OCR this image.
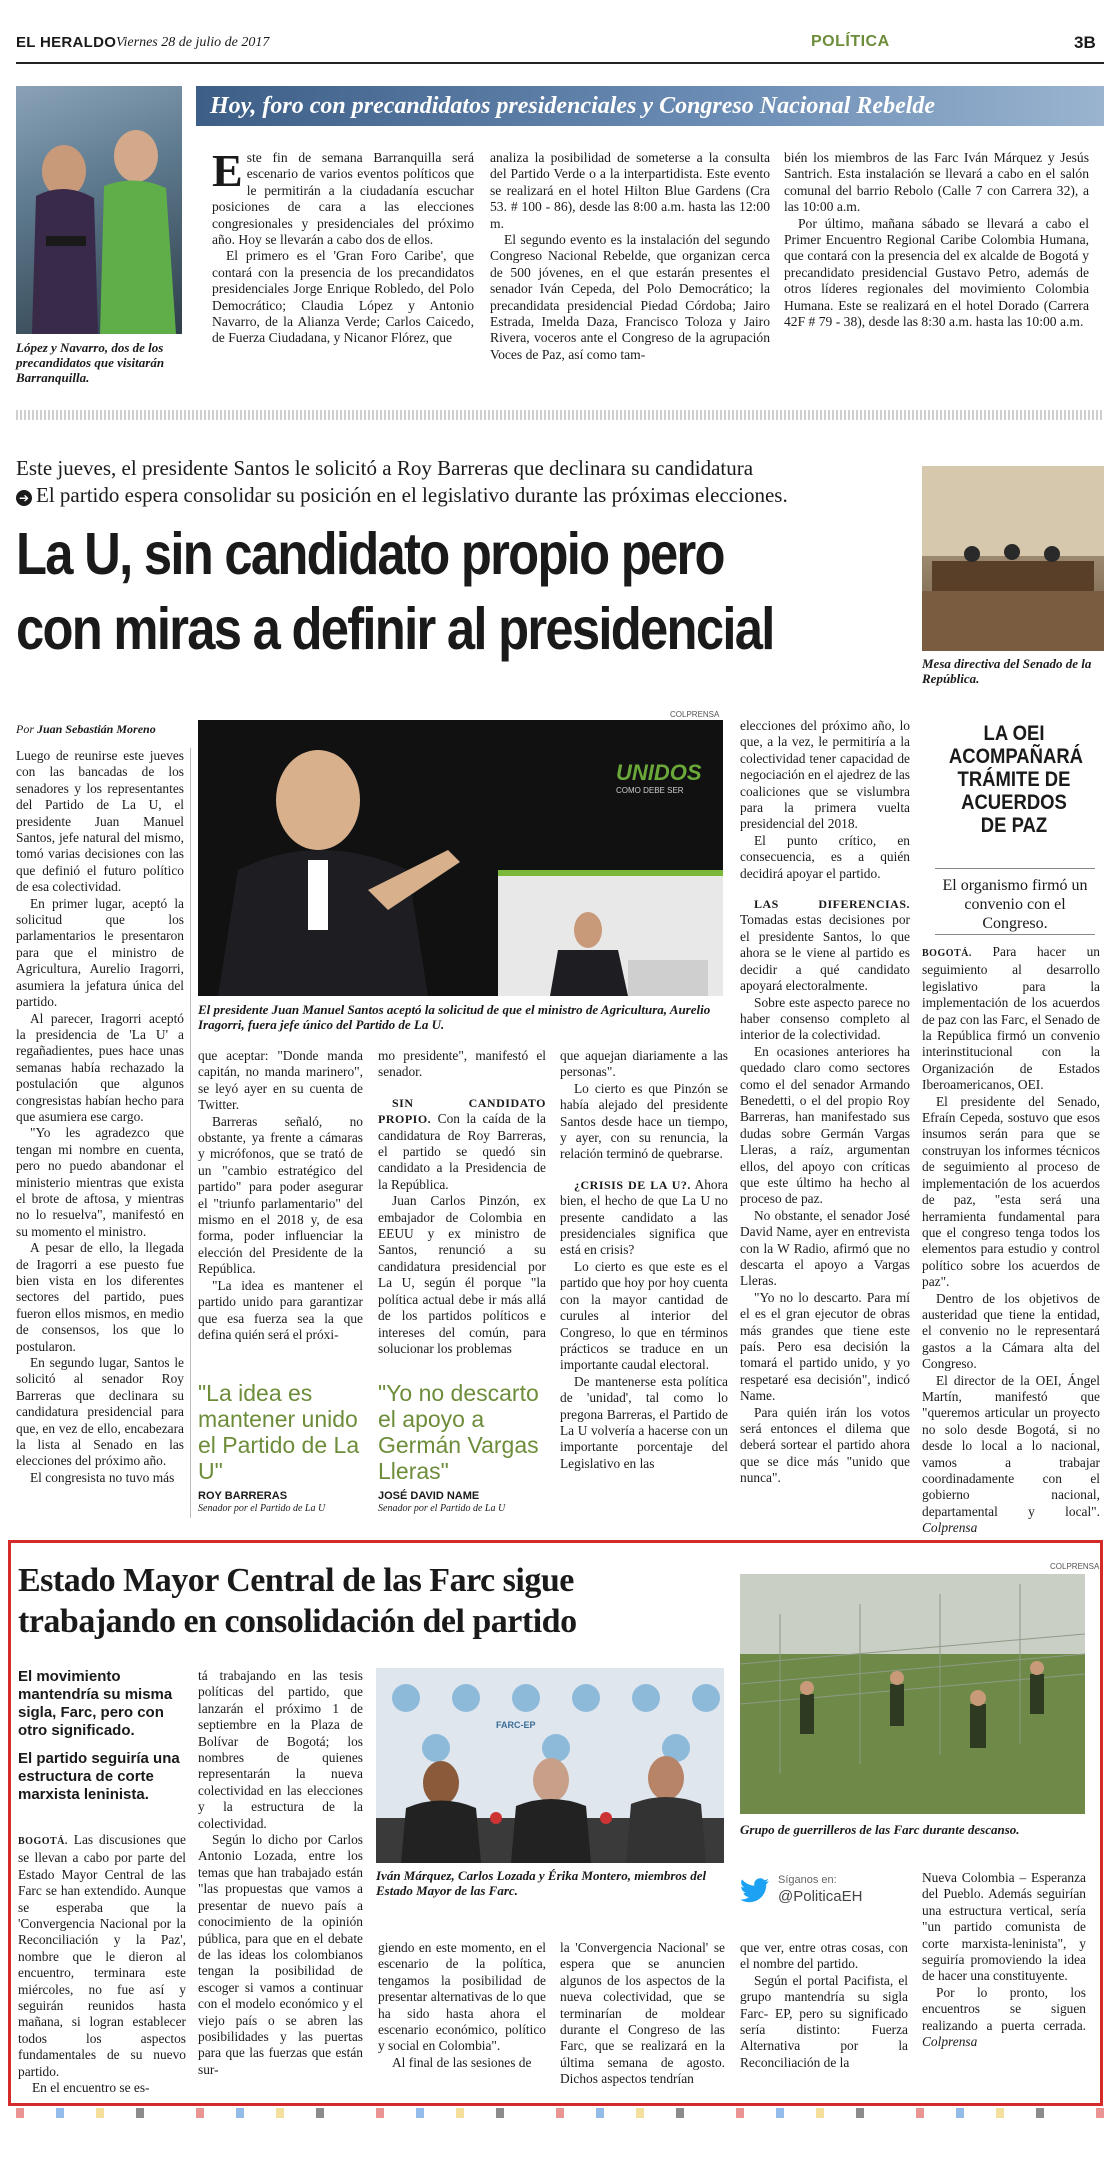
EL HERALDO Viernes 28 de julio de 2017	POLÍTICA	3B
López y Navarro, dos de los precandidatos que visitarán Barranquilla.
Hoy, foro con precandidatos presidenciales y Congreso Nacional Rebelde

Este fin de semana Barranquilla será escenario de varios eventos políticos que le permitirán a la ciudadanía escuchar posiciones de cara a las elecciones congresionales y presidenciales del próximo año. Hoy se llevarán a cabo dos de ellos.

El primero es el 'Gran Foro Caribe', que contará con la presencia de los precandidatos presidenciales Jorge Enrique Robledo, del Polo Democrático; Claudia López y Antonio Navarro, de la Alianza Verde; Carlos Caicedo, de Fuerza Ciudadana, y Nicanor Flórez, que

analiza la posibilidad de someterse a la consulta del Partido Verde o a la interpartidista. Este evento se realizará en el hotel Hilton Blue Gardens (Cra 53. # 100 - 86), desde las 8:00 a.m. hasta las 12:00 m.

El segundo evento es la instalación del segundo Congreso Nacional Rebelde, que organizan cerca de 500 jóvenes, en el que estarán presentes el senador Iván Cepeda, del Polo Democrático; la precandidata presidencial Piedad Córdoba; Jairo Estrada, Imelda Daza, Francisco Toloza y Jairo Rivera, voceros ante el Congreso de la agrupación Voces de Paz, así como tam-

bién los miembros de las Farc Iván Márquez y Jesús Santrich. Esta instalación se llevará a cabo en el salón comunal del barrio Rebolo (Calle 7 con Carrera 32), a las 10:00 a.m.

Por último, mañana sábado se llevará a cabo el Primer Encuentro Regional Caribe Colombia Humana, que contará con la presencia del ex alcalde de Bogotá y precandidato presidencial Gustavo Petro, además de otros líderes regionales del movimiento Colombia Humana. Este se realizará en el hotel Dorado (Carrera 42F # 79 - 38), desde las 8:30 a.m. hasta las 10:00 a.m.

Este jueves, el presidente Santos le solicitó a Roy Barreras que declinara su candidatura
➔ El partido espera consolidar su posición en el legislativo durante las próximas elecciones.
La U, sin candidato propio pero
con miras a definir al presidencial
Por Juan Sebastián Moreno
COLPRENSA
UNIDOS
COMO DEBE SER
El presidente Juan Manuel Santos aceptó la solicitud de que el ministro de Agricultura, Aurelio Iragorri, fuera jefe único del Partido de La U.

Luego de reunirse este jueves con las bancadas de los senadores y los representantes del Partido de La U, el presidente Juan Manuel Santos, jefe natural del mismo, tomó varias decisiones con las que definió el futuro político de esa colectividad.

En primer lugar, aceptó la solicitud que los parlamentarios le presentaron para que el ministro de Agricultura, Aurelio Iragorri, asumiera la jefatura única del partido.

Al parecer, Iragorri aceptó la presidencia de 'La U' a regañadientes, pues hace unas semanas había rechazado la postulación que algunos congresistas habían hecho para que asumiera ese cargo.

"Yo les agradezco que tengan mi nombre en cuenta, pero no puedo abandonar el ministerio mientras que exista el brote de aftosa, y mientras no lo resuelva", manifestó en su momento el ministro.

A pesar de ello, la llegada de Iragorri a ese puesto fue bien vista en los diferentes sectores del partido, pues fueron ellos mismos, en medio de consensos, los que lo postularon.

En segundo lugar, Santos le solicitó al senador Roy Barreras que declinara su candidatura presidencial para que, en vez de ello, encabezara la lista al Senado en las elecciones del próximo año.

El congresista no tuvo más

que aceptar: "Donde manda capitán, no manda marinero", se leyó ayer en su cuenta de Twitter.

Barreras señaló, no obstante, ya frente a cámaras y micrófonos, que se trató de un "cambio estratégico del partido" para poder asegurar el "triunfo parlamentario" del mismo en el 2018 y, de esa forma, poder influenciar la elección del Presidente de la República.

"La idea es mantener el partido unido para garantizar que esa fuerza sea la que defina quién será el próxi-

"La idea es mantener unido el Partido de La U"
ROY BARRERAS
Senador por el Partido de La U

mo presidente", manifestó el senador.

SIN CANDIDATO PROPIO. Con la caída de la candidatura de Roy Barreras, el partido se quedó sin candidato a la Presidencia de la República.

Juan Carlos Pinzón, ex embajador de Colombia en EEUU y ex ministro de Santos, renunció a su candidatura presidencial por La U, según él porque "la política actual debe ir más allá de los partidos políticos e intereses del común, para solucionar los problemas

"Yo no descarto el apoyo a Germán Vargas Lleras"
JOSÉ DAVID NAME
Senador por el Partido de La U

que aquejan diariamente a las personas".

Lo cierto es que Pinzón se había alejado del presidente Santos desde hace un tiempo, y ayer, con su renuncia, la relación terminó de quebrarse.

¿CRISIS DE LA U?. Ahora bien, el hecho de que La U no presente candidato a las presidenciales significa que está en crisis?

Lo cierto es que este es el partido que hoy por hoy cuenta con la mayor cantidad de curules al interior del Congreso, lo que en términos prácticos se traduce en un importante caudal electoral.

De mantenerse esta política de 'unidad', tal como lo pregona Barreras, el Partido de La U volvería a hacerse con un importante porcentaje del Legislativo en las

elecciones del próximo año, lo que, a la vez, le permitiría a la colectividad tener capacidad de negociación en el ajedrez de las coaliciones que se vislumbra para la primera vuelta presidencial del 2018.

El punto crítico, en consecuencia, es a quién decidirá apoyar el partido.

LAS DIFERENCIAS. Tomadas estas decisiones por el presidente Santos, lo que ahora se le viene al partido es decidir a qué candidato apoyará electoralmente.

Sobre este aspecto parece no haber consenso completo al interior de la colectividad.

En ocasiones anteriores ha quedado claro como sectores como el del senador Armando Benedetti, o el del propio Roy Barreras, han manifestado sus dudas sobre Germán Vargas Lleras, a raíz, argumentan ellos, del apoyo con críticas que este último ha hecho al proceso de paz.

No obstante, el senador José David Name, ayer en entrevista con la W Radio, afirmó que no descarta el apoyo a Vargas Lleras.

"Yo no lo descarto. Para mí el es el gran ejecutor de obras más grandes que tiene este país. Pero esa decisión la tomará el partido unido, y yo respetaré esa decisión", indicó Name.

Para quién irán los votos será entonces el dilema que deberá sortear el partido ahora que se dice más "unido que nunca".

Mesa directiva del Senado de la República.
LA OEI ACOMPAÑARÁ TRÁMITE DE ACUERDOS DE PAZ
El organismo firmó un convenio con el Congreso.

BOGOTÁ. Para hacer un seguimiento al desarrollo legislativo para la implementación de los acuerdos de paz con las Farc, el Senado de la República firmó un convenio interinstitucional con la Organización de Estados Iberoamericanos, OEI.

El presidente del Senado, Efraín Cepeda, sostuvo que esos insumos serán para que se construyan los informes técnicos de seguimiento al proceso de implementación de los acuerdos de paz, "esta será una herramienta fundamental para que el congreso tenga todos los elementos para estudio y control político sobre los acuerdos de paz".

Dentro de los objetivos de austeridad que tiene la entidad, el convenio no le representará gastos a la Cámara alta del Congreso.

El director de la OEI, Ángel Martín, manifestó que "queremos articular un proyecto no solo desde Bogotá, si no desde lo local a lo nacional, vamos a trabajar coordinadamente con el gobierno nacional, departamental y local". Colprensa

Estado Mayor Central de las Farc sigue
trabajando en consolidación del partido
El movimiento mantendría su misma sigla, Farc, pero con otro significado.
El partido seguiría una estructura de corte marxista leninista.

BOGOTÁ. Las discusiones que se llevan a cabo por parte del Estado Mayor Central de las Farc se han extendido. Aunque se esperaba que la 'Convergencia Nacional por la Reconciliación y la Paz', nombre que le dieron al encuentro, terminara este miércoles, no fue así y seguirán reunidos hasta mañana, si logran establecer todos los aspectos fundamentales de su nuevo partido.

En el encuentro se es-

tá trabajando en las tesis políticas del partido, que lanzarán el próximo 1 de septiembre en la Plaza de Bolívar de Bogotá; los nombres de quienes representarán la nueva colectividad en las elecciones y la estructura de la colectividad.

Según lo dicho por Carlos Antonio Lozada, entre los temas que han trabajado están "las propuestas que vamos a presentar de nuevo país a conocimiento de la opinión pública, para que en el debate de las ideas los colombianos tengan la posibilidad de escoger si vamos a continuar con el modelo económico y el viejo país o se abren las posibilidades y las puertas para que las fuerzas que están sur-

FARC-EP
Iván Márquez, Carlos Lozada y Érika Montero, miembros del Estado Mayor de las Farc.

giendo en este momento, en el escenario de la política, tengamos la posibilidad de presentar alternativas de lo que ha sido hasta ahora el escenario económico, político y social en Colombia".

Al final de las sesiones de

la 'Convergencia Nacional' se espera que se anuncien algunos de los aspectos de la nueva colectividad, que se terminarían de moldear durante el Congreso de las Farc, que se realizará en la última semana de agosto. Dichos aspectos tendrían

COLPRENSA
Grupo de guerrilleros de las Farc durante descanso.
Síganos en:
@PoliticaEH

que ver, entre otras cosas, con el nombre del partido.

Según el portal Pacifista, el grupo mantendría su sigla Farc- EP, pero su significado sería distinto: Fuerza Alternativa por la Reconciliación de la

Nueva Colombia – Esperanza del Pueblo. Además seguirían una estructura vertical, sería "un partido comunista de corte marxista-leninista", y seguiría promoviendo la idea de hacer una constituyente.

Por lo pronto, los encuentros se siguen realizando a puerta cerrada. Colprensa
